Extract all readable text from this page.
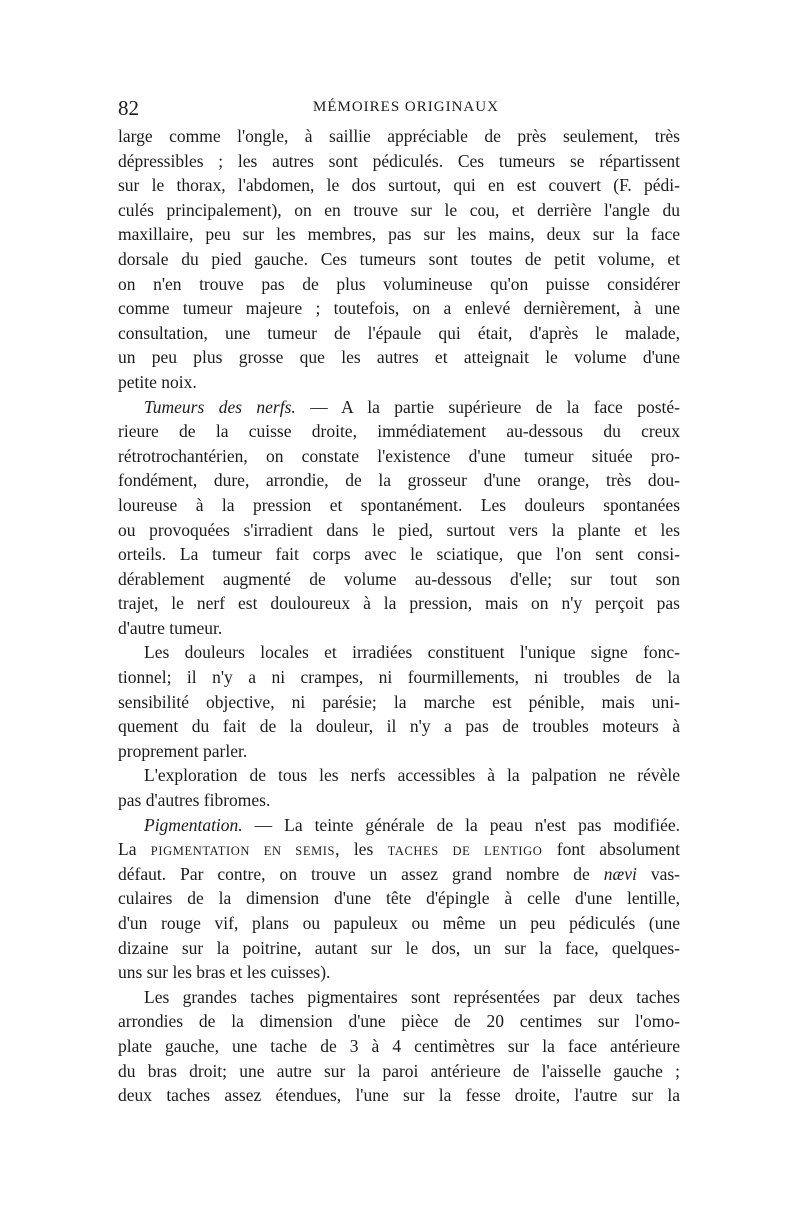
82	MÉMOIRES ORIGINAUX
large comme l'ongle, à saillie appréciable de près seulement, très
dépressibles ; les autres sont pédiculés. Ces tumeurs se répartissent
sur le thorax, l'abdomen, le dos surtout, qui en est couvert (F. pédi-
culés principalement), on en trouve sur le cou, et derrière l'angle du
maxillaire, peu sur les membres, pas sur les mains, deux sur la face
dorsale du pied gauche. Ces tumeurs sont toutes de petit volume, et
on n'en trouve pas de plus volumineuse qu'on puisse considérer
comme tumeur majeure ; toutefois, on a enlevé dernièrement, à une
consultation, une tumeur de l'épaule qui était, d'après le malade,
un peu plus grosse que les autres et atteignait le volume d'une
petite noix.
Tumeurs des nerfs. — A la partie supérieure de la face posté-
rieure de la cuisse droite, immédiatement au-dessous du creux
rétrotrochantérien, on constate l'existence d'une tumeur située pro-
fondément, dure, arrondie, de la grosseur d'une orange, très dou-
loureuse à la pression et spontanément. Les douleurs spontanées
ou provoquées s'irradient dans le pied, surtout vers la plante et les
orteils. La tumeur fait corps avec le sciatique, que l'on sent consi-
dérablement augmenté de volume au-dessous d'elle; sur tout son
trajet, le nerf est douloureux à la pression, mais on n'y perçoit pas
d'autre tumeur.
Les douleurs locales et irradiées constituent l'unique signe fonc-
tionnel; il n'y a ni crampes, ni fourmillements, ni troubles de la
sensibilité objective, ni parésie; la marche est pénible, mais uni-
quement du fait de la douleur, il n'y a pas de troubles moteurs à
proprement parler.
L'exploration de tous les nerfs accessibles à la palpation ne révèle
pas d'autres fibromes.
Pigmentation. — La teinte générale de la peau n'est pas modifiée.
La PIGMENTATION EN SEMIS, les TACHES DE LENTIGO font absolument
défaut. Par contre, on trouve un assez grand nombre de nævi vas-
culaires de la dimension d'une tête d'épingle à celle d'une lentille,
d'un rouge vif, plans ou papuleux ou même un peu pédiculés (une
dizaine sur la poitrine, autant sur le dos, un sur la face, quelques-
uns sur les bras et les cuisses).
Les grandes taches pigmentaires sont représentées par deux taches
arrondies de la dimension d'une pièce de 20 centimes sur l'omo-
plate gauche, une tache de 3 à 4 centimètres sur la face antérieure
du bras droit; une autre sur la paroi antérieure de l'aisselle gauche ;
deux taches assez étendues, l'une sur la fesse droite, l'autre sur la
